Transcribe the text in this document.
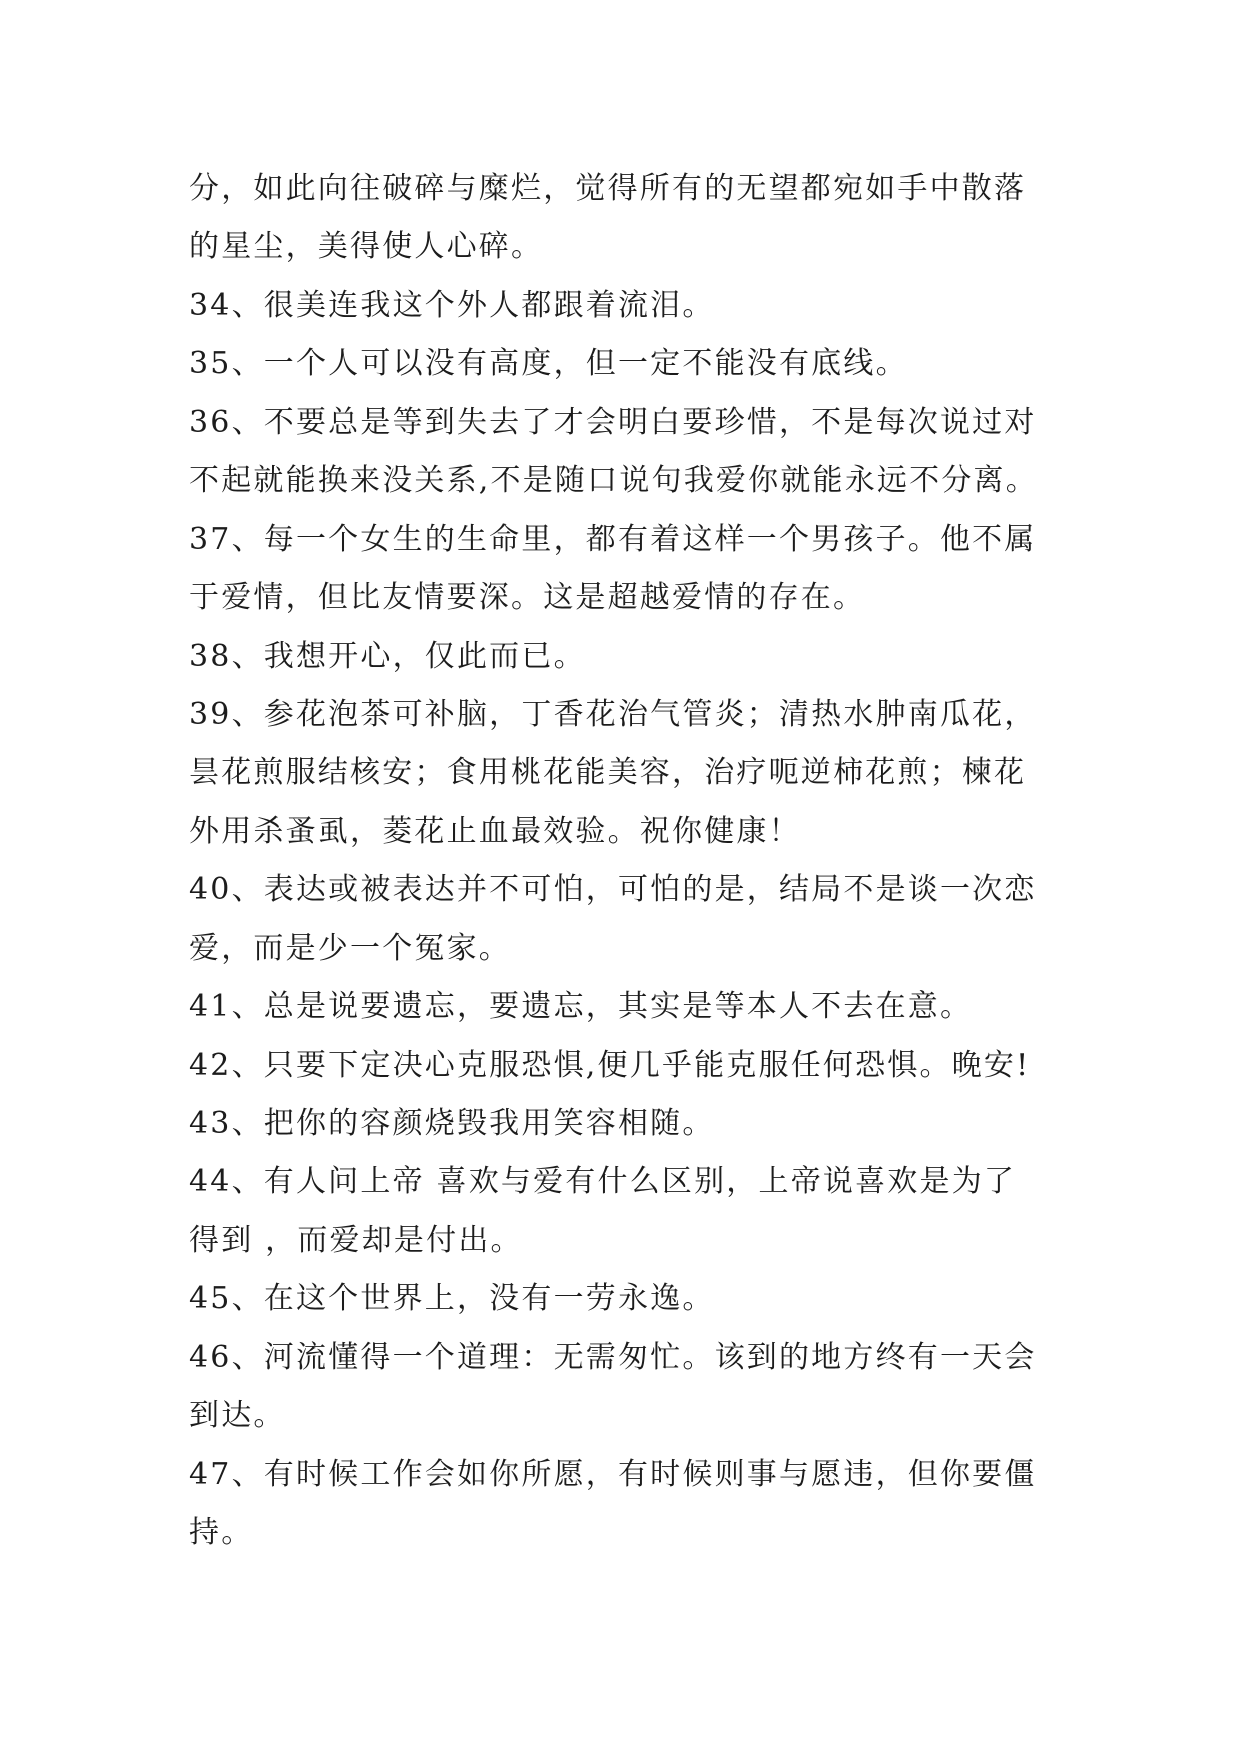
分，如此向往破碎与糜烂，觉得所有的无望都宛如手中散落
的星尘，美得使人心碎。
34、很美连我这个外人都跟着流泪。
35、一个人可以没有高度，但一定不能没有底线。
36、不要总是等到失去了才会明白要珍惜，不是每次说过对
不起就能换来没关系,不是随口说句我爱你就能永远不分离。
37、每一个女生的生命里，都有着这样一个男孩子。他不属
于爱情，但比友情要深。这是超越爱情的存在。
38、我想开心，仅此而已。
39、参花泡茶可补脑，丁香花治气管炎；清热水肿南瓜花，
昙花煎服结核安；食用桃花能美容，治疗呃逆柿花煎；楝花
外用杀蚤虱，菱花止血最效验。祝你健康！
40、表达或被表达并不可怕，可怕的是，结局不是谈一次恋
爱，而是少一个冤家。
41、总是说要遗忘，要遗忘，其实是等本人不去在意。
42、只要下定决心克服恐惧,便几乎能克服任何恐惧。晚安!
43、把你的容颜烧毁我用笑容相随。
44、有人问上帝 喜欢与爱有什么区别，上帝说喜欢是为了
得到 ，而爱却是付出。
45、在这个世界上，没有一劳永逸。
46、河流懂得一个道理：无需匆忙。该到的地方终有一天会
到达。
47、有时候工作会如你所愿，有时候则事与愿违，但你要僵
持。
